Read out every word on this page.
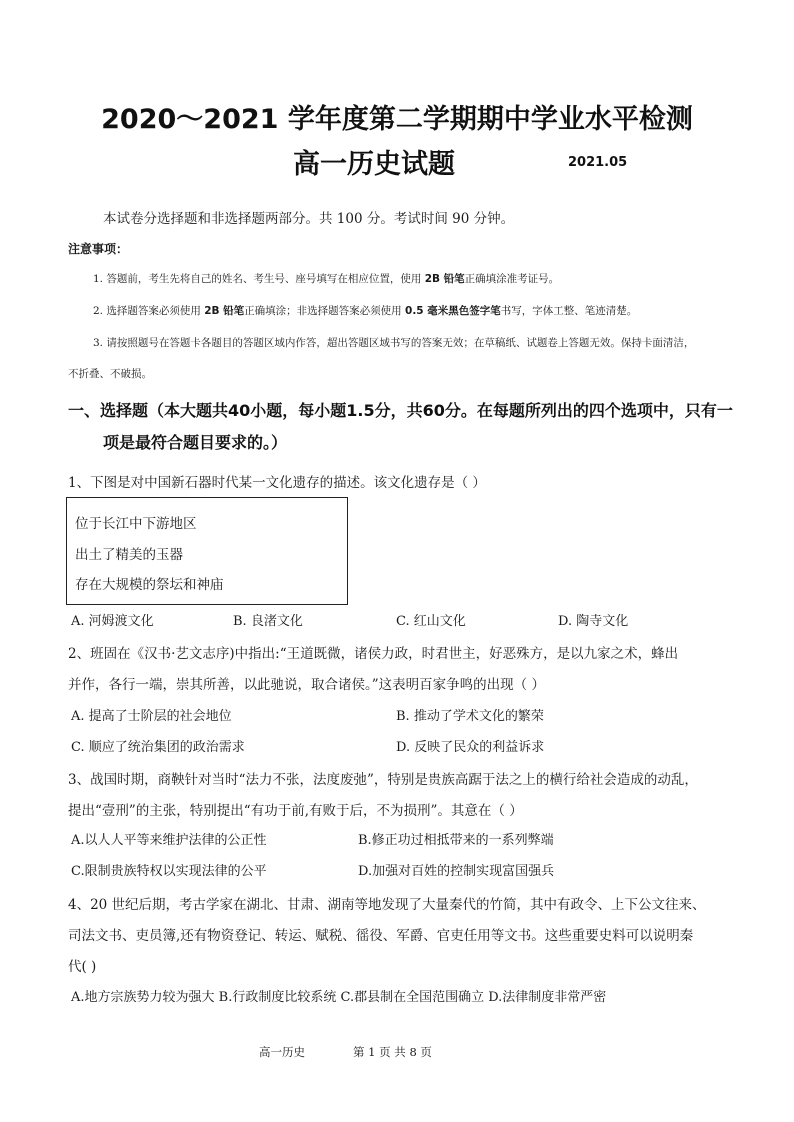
2020～2021 学年度第二学期期中学业水平检测
高一历史试题	2021.05
本试卷分选择题和非选择题两部分。共 100 分。考试时间 90 分钟。
注意事项：
1. 答题前，考生先将自己的姓名、考生号、座号填写在相应位置，使用 2B 铅笔正确填涂准考证号。
2. 选择题答案必须使用 2B 铅笔正确填涂；非选择题答案必须使用 0.5 毫米黑色签字笔书写，字体工整、笔迹清楚。
3. 请按照题号在答题卡各题目的答题区域内作答，超出答题区域书写的答案无效；在草稿纸、试题卷上答题无效。保持卡面清洁，
不折叠、不破损。
一、选择题（本大题共40小题，每小题1.5分，共60分。在每题所列出的四个选项中，只有一
项是最符合题目要求的。）
1、下图是对中国新石器时代某一文化遗存的描述。该文化遗存是（ ）
位于长江中下游地区
出土了精美的玉器
存在大规模的祭坛和神庙
A. 河姆渡文化	B. 良渚文化	C. 红山文化	D. 陶寺文化
2、班固在《汉书·艺文志序)中指出:“王道既微，诸侯力政，时君世主，好恶殊方，是以九家之术，蜂出
并作，各行一端，崇其所善，以此驰说，取合诸侯。”这表明百家争鸣的出现（ ）
A. 提高了士阶层的社会地位	B. 推动了学术文化的繁荣
C. 顺应了统治集团的政治需求	D. 反映了民众的利益诉求
3、战国时期，商鞅针对当时“法力不张，法度废弛”，特别是贵族高踞于法之上的横行给社会造成的动乱，
提出“壹刑”的主张，特别提出“有功于前,有败于后，不为损刑”。其意在（ ）
A.以人人平等来维护法律的公正性	B.修正功过相抵带来的一系列弊端
C.限制贵族特权以实现法律的公平	D.加强对百姓的控制实现富国强兵
4、20 世纪后期，考古学家在湖北、甘肃、湖南等地发现了大量秦代的竹简，其中有政令、上下公文往来、
司法文书、吏员簿,还有物资登记、转运、赋税、徭役、军爵、官吏任用等文书。这些重要史料可以说明秦
代( )
A.地方宗族势力较为强大 B.行政制度比较系统 C.郡县制在全国范围确立 D.法律制度非常严密
高一历史	第 1 页 共 8 页
